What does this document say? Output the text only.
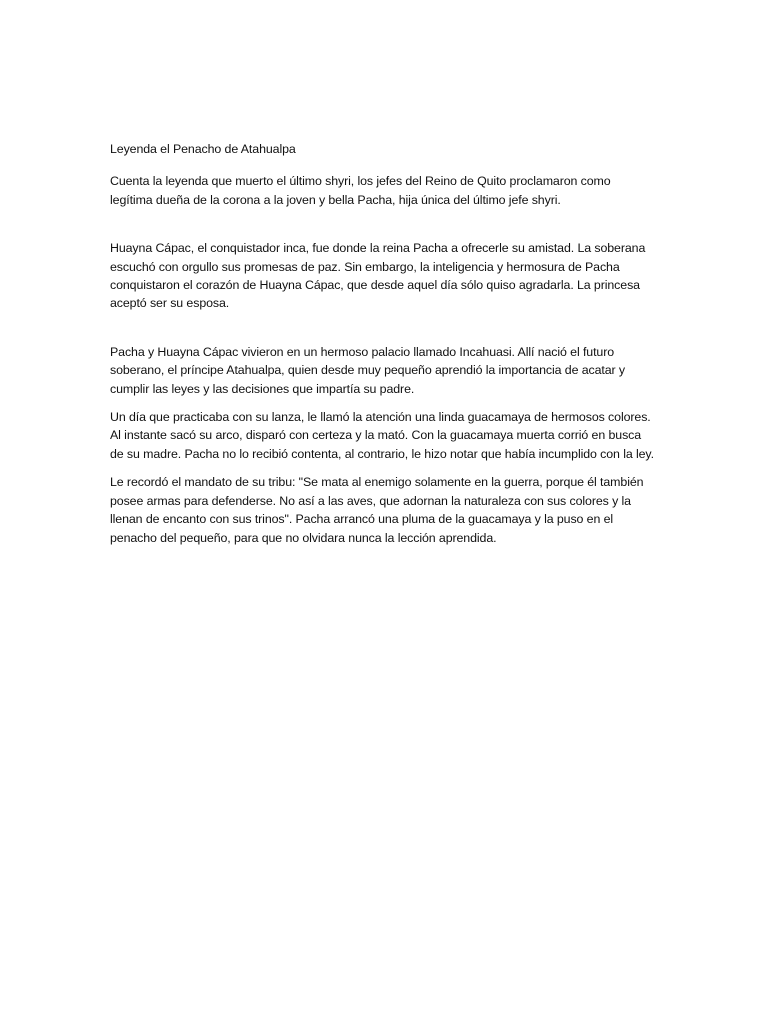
Leyenda el Penacho de Atahualpa

Cuenta la leyenda que muerto el último shyri, los jefes del Reino de Quito proclamaron como legítima dueña de la corona a la joven y bella Pacha, hija única del último jefe shyri.

Huayna Cápac, el conquistador inca, fue donde la reina Pacha a ofrecerle su amistad. La soberana escuchó con orgullo sus promesas de paz. Sin embargo, la inteligencia y hermosura de Pacha conquistaron el corazón de Huayna Cápac, que desde aquel día sólo quiso agradarla. La princesa aceptó ser su esposa.

Pacha y Huayna Cápac vivieron en un hermoso palacio llamado Incahuasi. Allí nació el futuro soberano, el príncipe Atahualpa, quien desde muy pequeño aprendió la importancia de acatar y cumplir las leyes y las decisiones que impartía su padre.

Un día que practicaba con su lanza, le llamó la atención una linda guacamaya de hermosos colores. Al instante sacó su arco, disparó con certeza y la mató. Con la guacamaya muerta corrió en busca de su madre. Pacha no lo recibió contenta, al contrario, le hizo notar que había incumplido con la ley.

Le recordó el mandato de su tribu: "Se mata al enemigo solamente en la guerra, porque él también posee armas para defenderse. No así a las aves, que adornan la naturaleza con sus colores y la llenan de encanto con sus trinos". Pacha arrancó una pluma de la guacamaya y la puso en el penacho del pequeño, para que no olvidara nunca la lección aprendida.
